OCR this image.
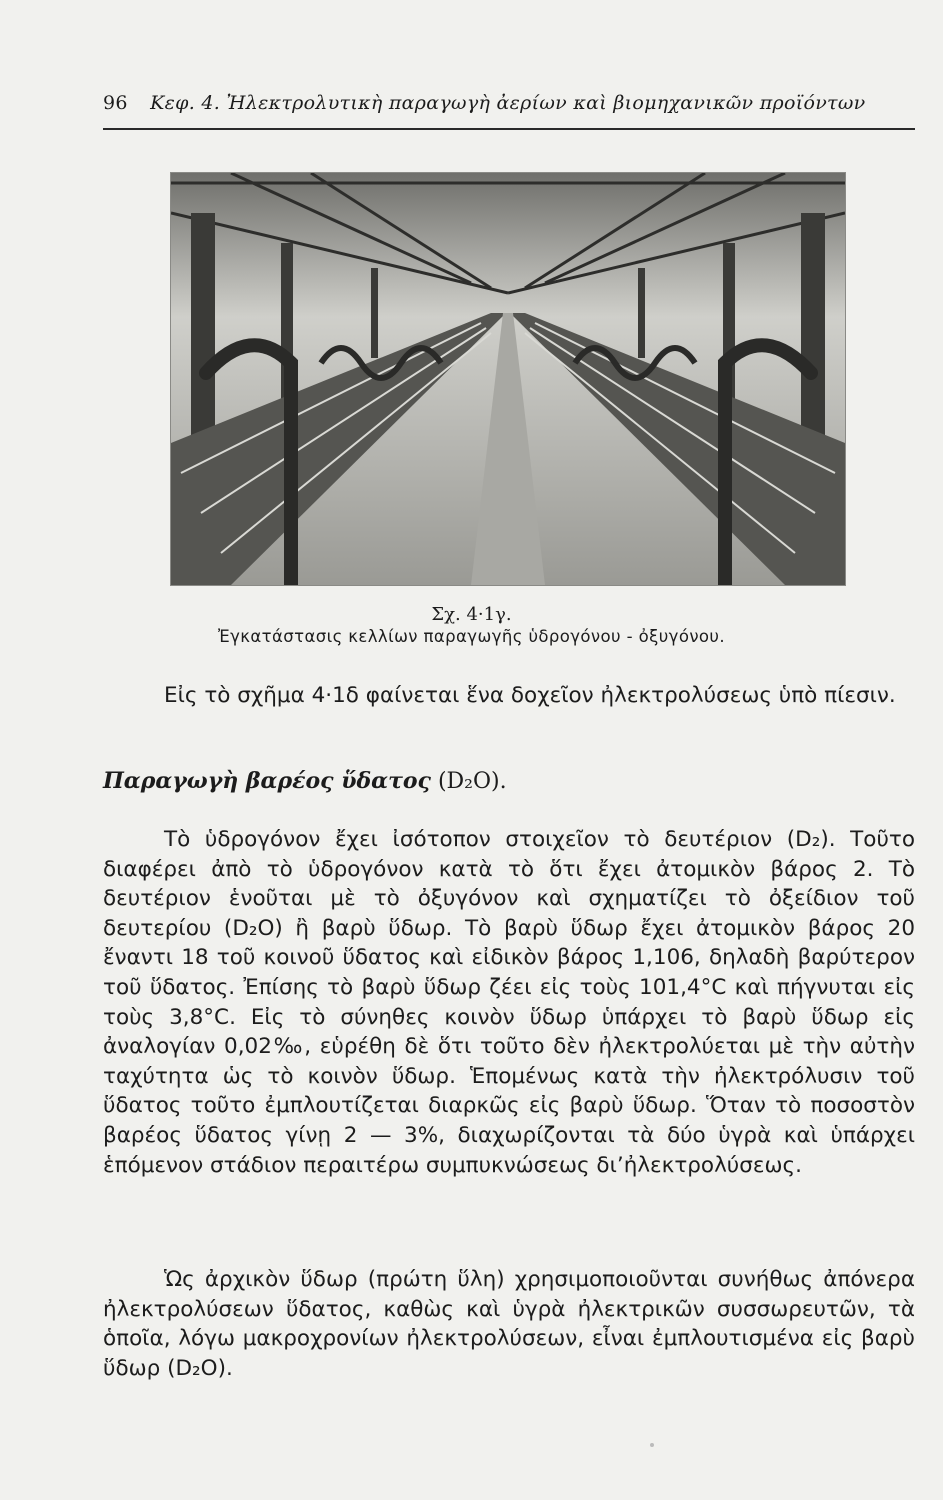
96 Κεφ. 4. Ἠλεκτρολυτικὴ παραγωγὴ ἀερίων καὶ βιομηχανικῶν προϊόντων
Σχ. 4·1γ.
Ἐγκατάστασις κελλίων παραγωγῆς ὑδρογόνου - ὀξυγόνου.
Εἰς τὸ σχῆμα 4·1δ φαίνεται ἕνα δοχεῖον ἠλεκτρολύσεως ὑπὸ πίεσιν.
Παραγωγὴ βαρέος ὕδατος (D₂O).
Τὸ ὑδρογόνον ἔχει ἰσότοπον στοιχεῖον τὸ δευτέριον (D₂). Τοῦτο διαφέρει ἀπὸ τὸ ὑδρογόνον κατὰ τὸ ὅτι ἔχει ἀτομικὸν βάρος 2. Τὸ δευτέριον ἑνοῦται μὲ τὸ ὀξυγόνον καὶ σχηματίζει τὸ ὀξείδιον τοῦ δευτερίου (D₂O) ἢ βαρὺ ὕδωρ. Τὸ βαρὺ ὕδωρ ἔχει ἀτομικὸν βάρος 20 ἔναντι 18 τοῦ κοινοῦ ὕδατος καὶ εἰδικὸν βάρος 1,106, δηλαδὴ βαρύτερον τοῦ ὕδατος. Ἐπίσης τὸ βαρὺ ὕδωρ ζέει εἰς τοὺς 101,4°C καὶ πήγνυται εἰς τοὺς 3,8°C. Εἰς τὸ σύνηθες κοινὸν ὕδωρ ὑπάρχει τὸ βαρὺ ὕδωρ εἰς ἀναλογίαν 0,02‰, εὑρέθη δὲ ὅτι τοῦτο δὲν ἠλεκτρολύεται μὲ τὴν αὐτὴν ταχύτητα ὡς τὸ κοινὸν ὕδωρ. Ἑπομένως κατὰ τὴν ἠλεκτρόλυσιν τοῦ ὕδατος τοῦτο ἐμπλουτίζεται διαρκῶς εἰς βαρὺ ὕδωρ. Ὅταν τὸ ποσοστὸν βαρέος ὕδατος γίνῃ 2 — 3%, διαχωρίζονται τὰ δύο ὑγρὰ καὶ ὑπάρχει ἑπόμενον στάδιον περαιτέρω συμπυκνώσεως δι’ἠλεκτρολύσεως.
Ὡς ἀρχικὸν ὕδωρ (πρώτη ὕλη) χρησιμοποιοῦνται συνήθως ἀπόνερα ἠλεκτρολύσεων ὕδατος, καθὼς καὶ ὑγρὰ ἠλεκτρικῶν συσσωρευτῶν, τὰ ὁποῖα, λόγω μακροχρονίων ἠλεκτρολύσεων, εἶναι ἐμπλουτισμένα εἰς βαρὺ ὕδωρ (D₂O).
